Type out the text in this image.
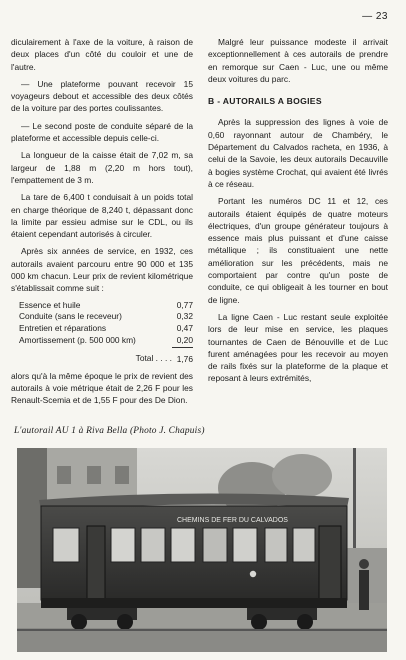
— 23

diculairement à l'axe de la voiture, à raison de deux places d'un côté du couloir et une de l'autre.

— Une plateforme pouvant recevoir 15 voyageurs debout et accessible des deux côtés de la voiture par des portes coulissantes.

— Le second poste de conduite séparé de la plateforme et accessible depuis celle-ci.

La longueur de la caisse était de 7,02 m, sa largeur de 1,88 m (2,20 m hors tout), l'empattement de 3 m.

La tare de 6,400 t conduisait à un poids total en charge théorique de 8,240 t, dépassant donc la limite par essieu admise sur le CDL, ou ils étaient cependant autorisés à circuler.

Après six années de service, en 1932, ces autorails avaient parcouru entre 90 000 et 135 000 km chacun. Leur prix de revient kilométrique s'établissait comme suit :

Essence et huile	0,77
Conduite (sans le receveur)	0,32
Entretien et réparations	0,47
Amortissement (p. 500 000 km)	0,20
Total . . . .	1,76

alors qu'à la même époque le prix de revient des autorails à voie métrique était de 2,26 F pour les Renault-Scemia et de 1,55 F pour des De Dion.

Malgré leur puissance modeste il arrivait exceptionnellement à ces autorails de prendre en remorque sur Caen - Luc, une ou même deux voitures du parc.

B - AUTORAILS A BOGIES

Après la suppression des lignes à voie de 0,60 rayonnant autour de Chambéry, le Département du Calvados racheta, en 1936, à celui de la Savoie, les deux autorails Decauville à bogies système Crochat, qui avaient été livrés à ce réseau.

Portant les numéros DC 11 et 12, ces autorails étaient équipés de quatre moteurs électriques, d'un groupe générateur toujours à essence mais plus puissant et d'une caisse métallique ; ils constituaient une nette amélioration sur les précédents, mais ne comportaient par contre qu'un poste de conduite, ce qui obligeait à les tourner en bout de ligne.

La ligne Caen - Luc restant seule exploitée lors de leur mise en service, les plaques tournantes de Caen de Bénouville et de Luc furent aménagées pour les recevoir au moyen de rails fixés sur la plateforme de la plaque et reposant à leurs extrémités,

L'autorail AU 1 à Riva Bella (Photo J. Chapuis)
CHEMINS DE FER DU CALVADOS
